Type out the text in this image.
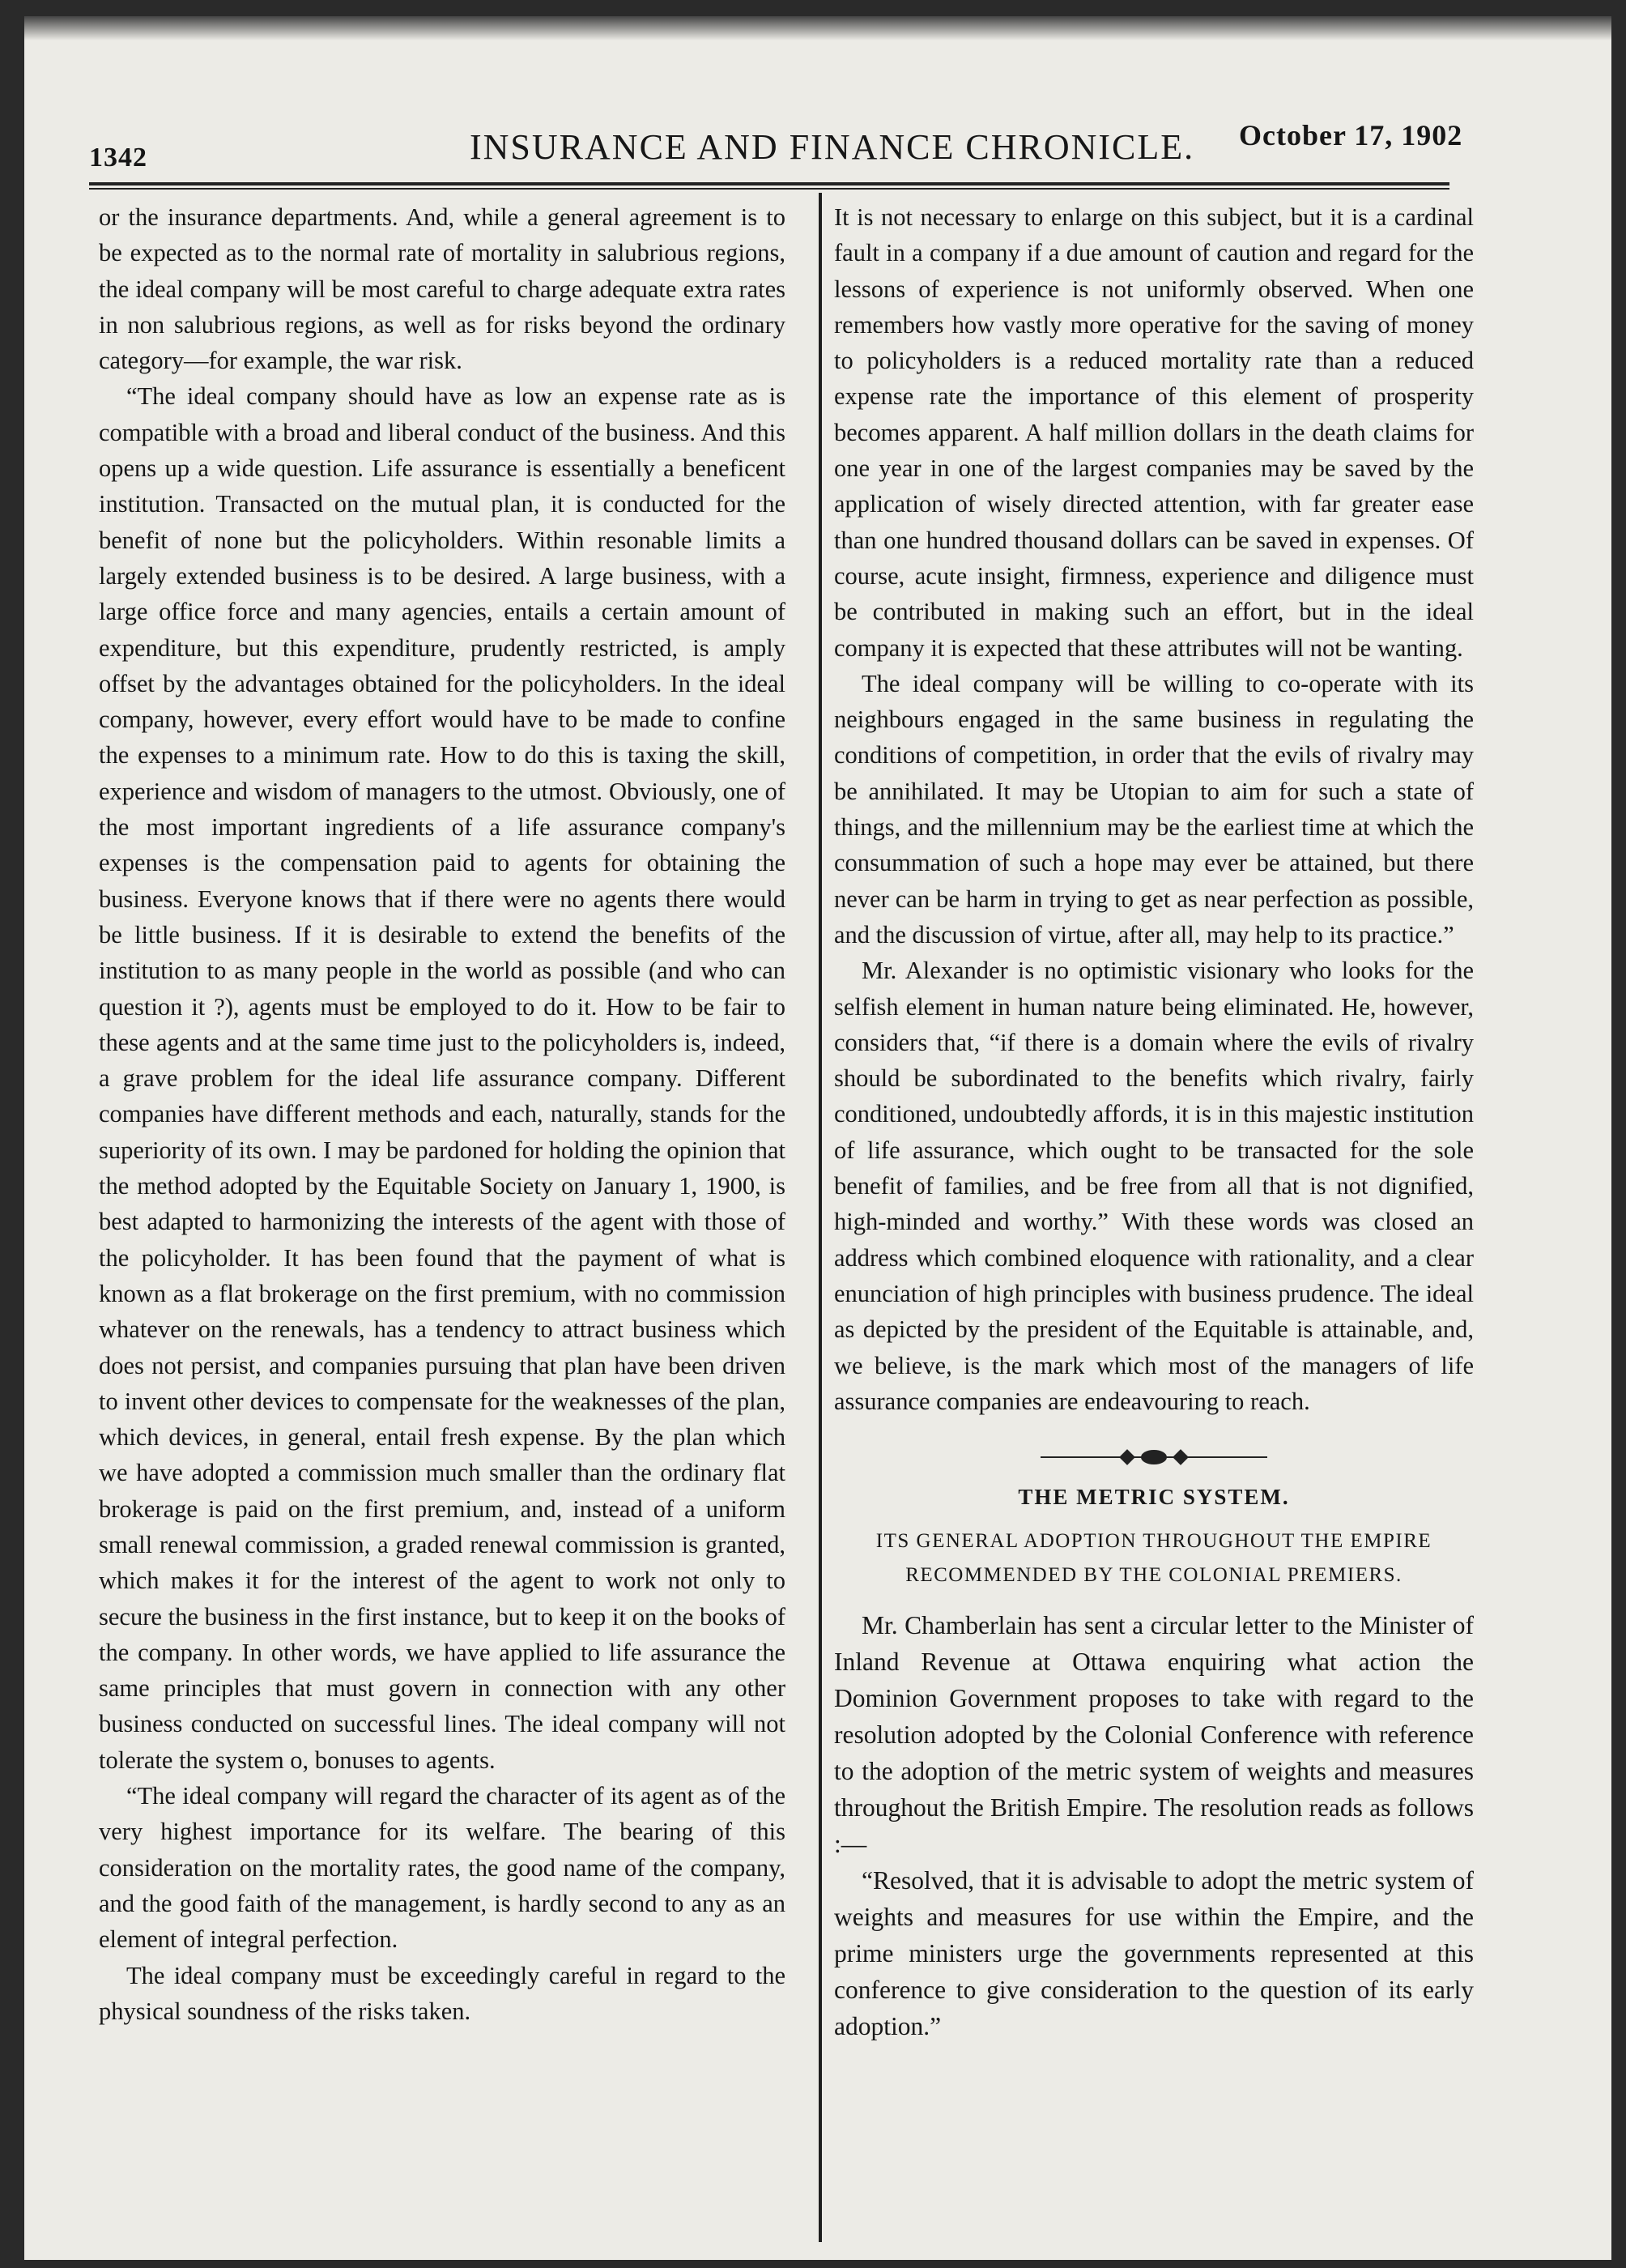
1342	INSURANCE AND FINANCE CHRONICLE. October 17, 1902

or the insurance departments. And, while a general agreement is to be expected as to the normal rate of mortality in salubrious regions, the ideal company will be most careful to charge adequate extra rates in non salubrious regions, as well as for risks beyond the ordinary category—for example, the war risk.

“The ideal company should have as low an expense rate as is compatible with a broad and liberal conduct of the business. And this opens up a wide question. Life assurance is essentially a beneficent institution. Transacted on the mutual plan, it is conducted for the benefit of none but the policyholders. Within resonable limits a largely extended business is to be desired. A large business, with a large office force and many agencies, entails a certain amount of expenditure, but this expenditure, prudently restricted, is amply offset by the advantages obtained for the policyholders. In the ideal company, however, every effort would have to be made to confine the expenses to a minimum rate. How to do this is taxing the skill, experience and wisdom of managers to the utmost. Obviously, one of the most important ingredients of a life assurance company's expenses is the compensation paid to agents for obtaining the business. Everyone knows that if there were no agents there would be little business. If it is desirable to extend the benefits of the institution to as many people in the world as possible (and who can question it ?), agents must be employed to do it. How to be fair to these agents and at the same time just to the policyholders is, indeed, a grave problem for the ideal life assurance company. Different companies have different methods and each, naturally, stands for the superiority of its own. I may be pardoned for holding the opinion that the method adopted by the Equitable Society on January 1, 1900, is best adapted to harmonizing the interests of the agent with those of the policyholder. It has been found that the payment of what is known as a flat brokerage on the first premium, with no commission whatever on the renewals, has a tendency to attract business which does not persist, and companies pursuing that plan have been driven to invent other devices to compensate for the weaknesses of the plan, which devices, in general, entail fresh expense. By the plan which we have adopted a commission much smaller than the ordinary flat brokerage is paid on the first premium, and, instead of a uniform small renewal commission, a graded renewal commission is granted, which makes it for the interest of the agent to work not only to secure the business in the first instance, but to keep it on the books of the company. In other words, we have applied to life assurance the same principles that must govern in connection with any other business conducted on successful lines. The ideal company will not tolerate the system o, bonuses to agents.

“The ideal company will regard the character of its agent as of the very highest importance for its welfare. The bearing of this consideration on the mortality rates, the good name of the company, and the good faith of the management, is hardly second to any as an element of integral perfection.

The ideal company must be exceedingly careful in regard to the physical soundness of the risks taken.

It is not necessary to enlarge on this subject, but it is a cardinal fault in a company if a due amount of caution and regard for the lessons of experience is not uniformly observed. When one remembers how vastly more operative for the saving of money to policyholders is a reduced mortality rate than a reduced expense rate the importance of this element of prosperity becomes apparent. A half million dollars in the death claims for one year in one of the largest companies may be saved by the application of wisely directed attention, with far greater ease than one hundred thousand dollars can be saved in expenses. Of course, acute insight, firmness, experience and diligence must be contributed in making such an effort, but in the ideal company it is expected that these attributes will not be wanting.

The ideal company will be willing to co-operate with its neighbours engaged in the same business in regulating the conditions of competition, in order that the evils of rivalry may be annihilated. It may be Utopian to aim for such a state of things, and the millennium may be the earliest time at which the consummation of such a hope may ever be attained, but there never can be harm in trying to get as near perfection as possible, and the discussion of virtue, after all, may help to its practice.”

Mr. Alexander is no optimistic visionary who looks for the selfish element in human nature being eliminated. He, however, considers that, “if there is a domain where the evils of rivalry should be subordinated to the benefits which rivalry, fairly conditioned, undoubtedly affords, it is in this majestic institution of life assurance, which ought to be transacted for the sole benefit of families, and be free from all that is not dignified, high-minded and worthy.” With these words was closed an address which combined eloquence with rationality, and a clear enunciation of high principles with business prudence. The ideal as depicted by the president of the Equitable is attainable, and, we believe, is the mark which most of the managers of life assurance companies are endeavouring to reach.

THE METRIC SYSTEM.
ITS GENERAL ADOPTION THROUGHOUT THE EMPIRE RECOMMENDED BY THE COLONIAL PREMIERS.

Mr. Chamberlain has sent a circular letter to the Minister of Inland Revenue at Ottawa enquiring what action the Dominion Government proposes to take with regard to the resolution adopted by the Colonial Conference with reference to the adoption of the metric system of weights and measures throughout the British Empire. The resolution reads as follows :—

“Resolved, that it is advisable to adopt the metric system of weights and measures for use within the Empire, and the prime ministers urge the governments represented at this conference to give consideration to the question of its early adoption.”
